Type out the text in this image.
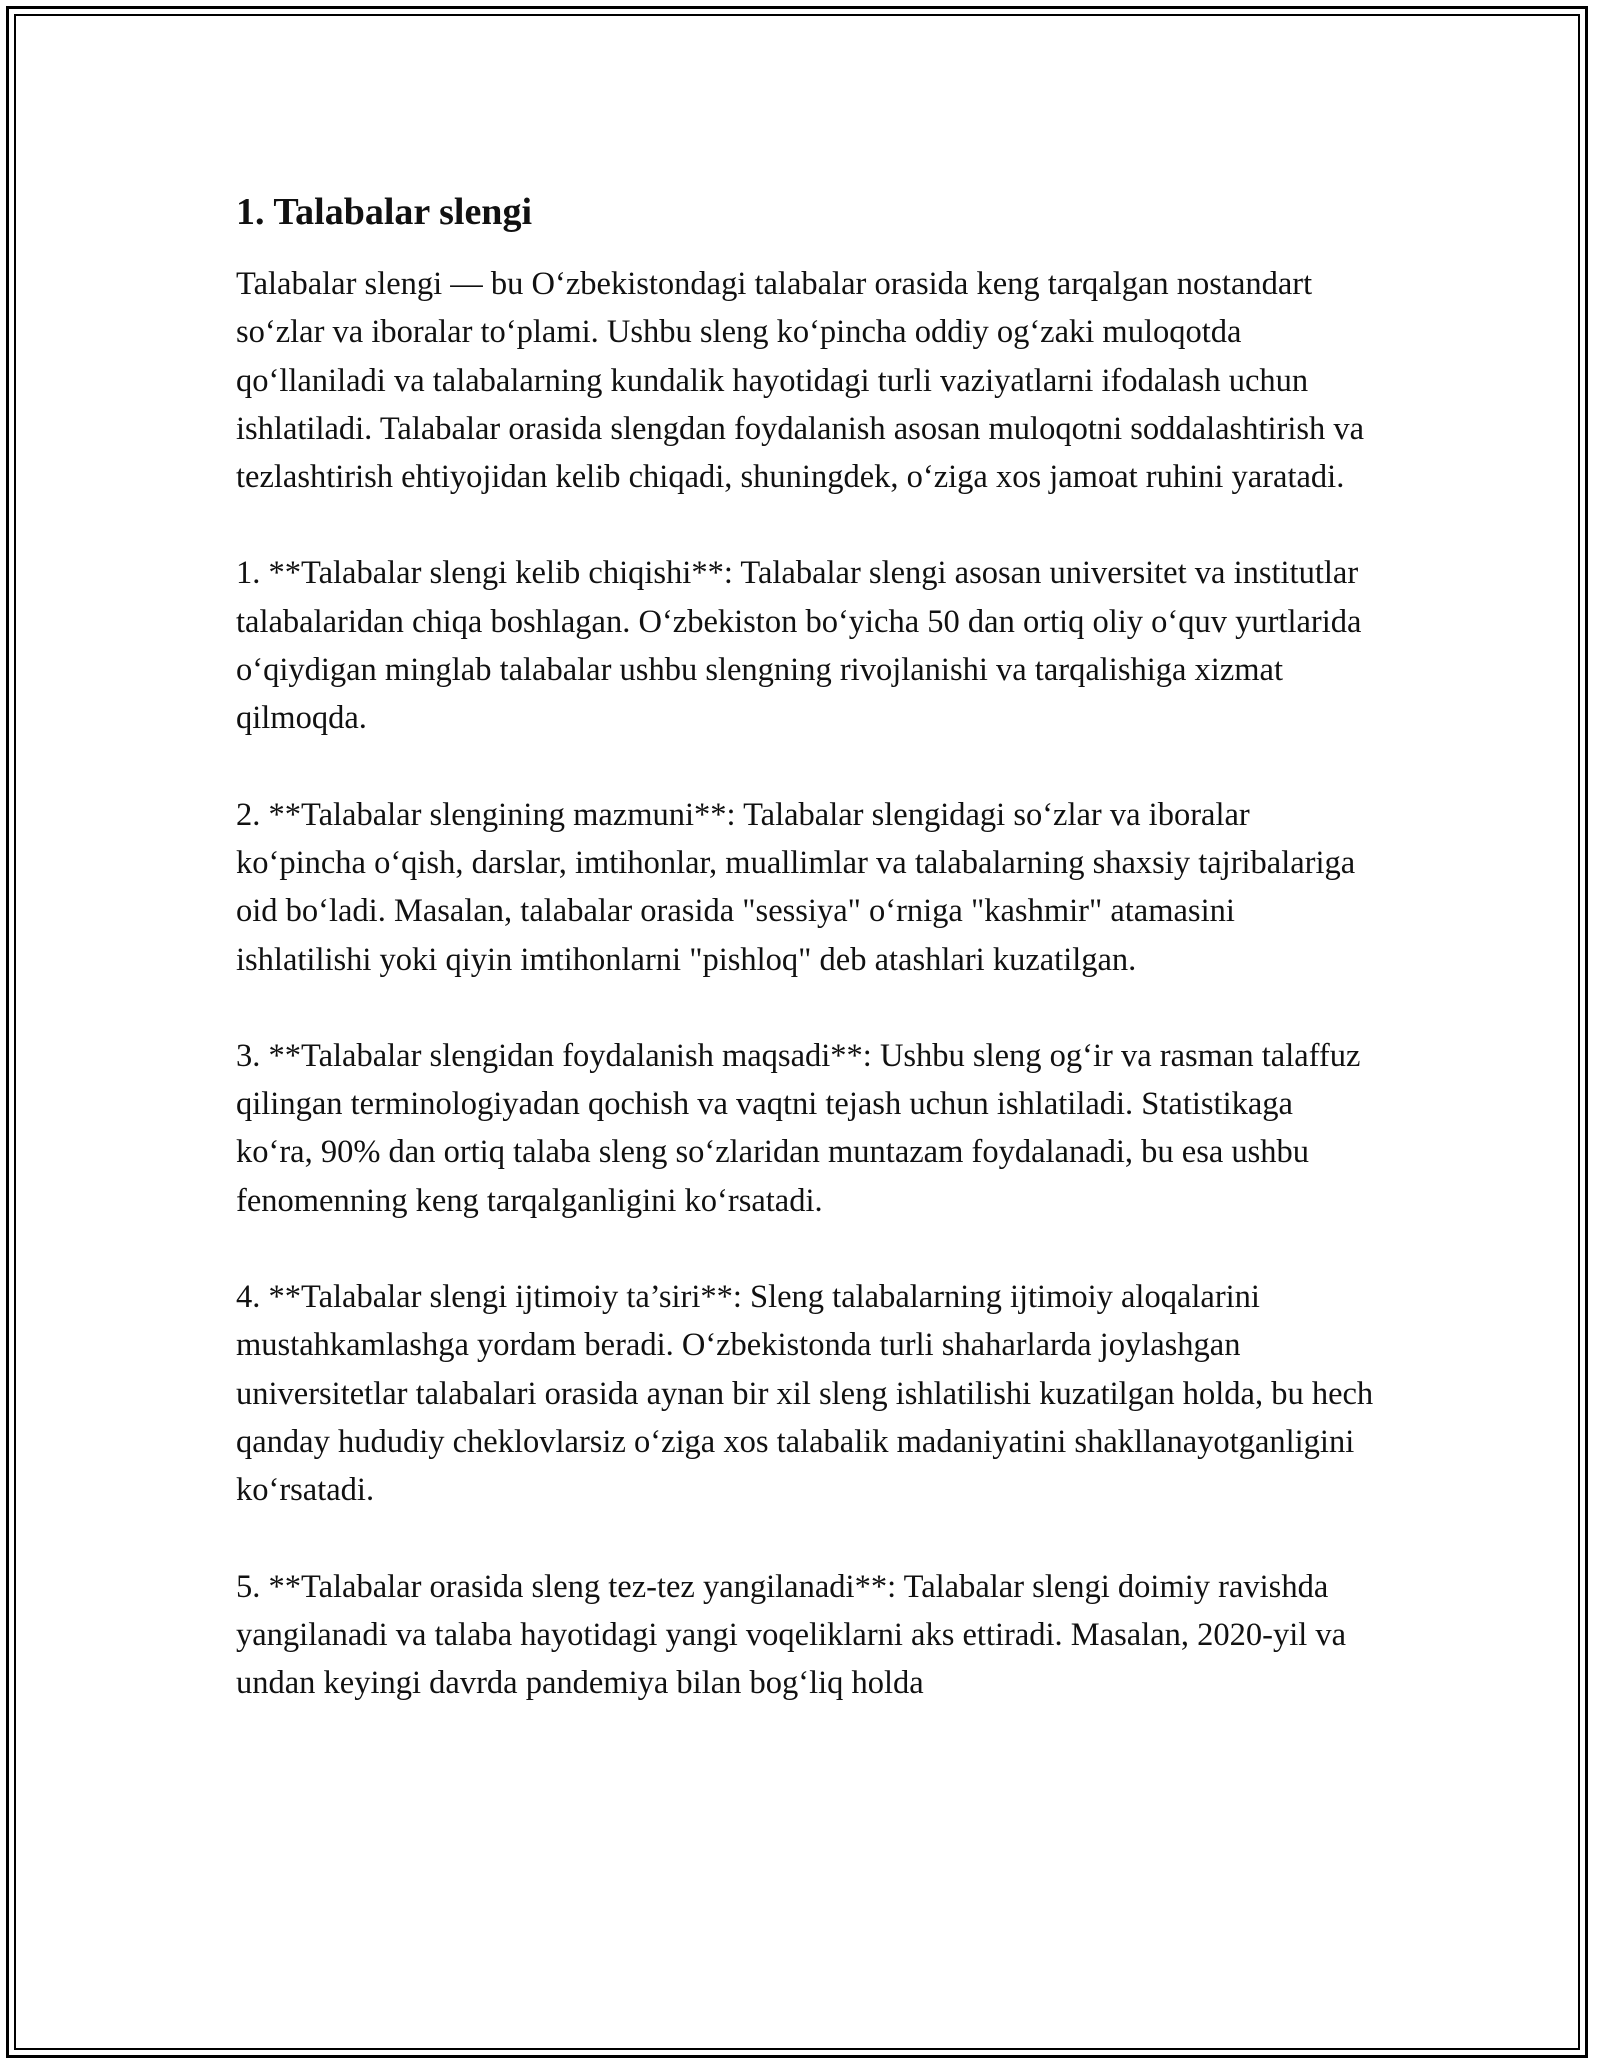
1. Talabalar slengi

Talabalar slengi — bu O‘zbekistondagi talabalar orasida keng tarqalgan nostandart so‘zlar va iboralar to‘plami. Ushbu sleng ko‘pincha oddiy og‘zaki muloqotda qo‘llaniladi va talabalarning kundalik hayotidagi turli vaziyatlarni ifodalash uchun ishlatiladi. Talabalar orasida slengdan foydalanish asosan muloqotni soddalashtirish va tezlashtirish ehtiyojidan kelib chiqadi, shuningdek, o‘ziga xos jamoat ruhini yaratadi.

1. **Talabalar slengi kelib chiqishi**: Talabalar slengi asosan universitet va institutlar talabalaridan chiqa boshlagan. O‘zbekiston bo‘yicha 50 dan ortiq oliy o‘quv yurtlarida o‘qiydigan minglab talabalar ushbu slengning rivojlanishi va tarqalishiga xizmat qilmoqda.

2. **Talabalar slengining mazmuni**: Talabalar slengidagi so‘zlar va iboralar ko‘pincha o‘qish, darslar, imtihonlar, muallimlar va talabalarning shaxsiy tajribalariga oid bo‘ladi. Masalan, talabalar orasida "sessiya" o‘rniga "kashmir" atamasini ishlatilishi yoki qiyin imtihonlarni "pishloq" deb atashlari kuzatilgan.

3. **Talabalar slengidan foydalanish maqsadi**: Ushbu sleng og‘ir va rasman talaffuz qilingan terminologiyadan qochish va vaqtni tejash uchun ishlatiladi. Statistikaga ko‘ra, 90% dan ortiq talaba sleng so‘zlaridan muntazam foydalanadi, bu esa ushbu fenomenning keng tarqalganligini ko‘rsatadi.

4. **Talabalar slengi ijtimoiy ta’siri**: Sleng talabalarning ijtimoiy aloqalarini mustahkamlashga yordam beradi. O‘zbekistonda turli shaharlarda joylashgan universitetlar talabalari orasida aynan bir xil sleng ishlatilishi kuzatilgan holda, bu hech qanday hududiy cheklovlarsiz o‘ziga xos talabalik madaniyatini shakllanayotganligini ko‘rsatadi.

5. **Talabalar orasida sleng tez-tez yangilanadi**: Talabalar slengi doimiy ravishda yangilanadi va talaba hayotidagi yangi voqeliklarni aks ettiradi. Masalan, 2020-yil va undan keyingi davrda pandemiya bilan bog‘liq holda
